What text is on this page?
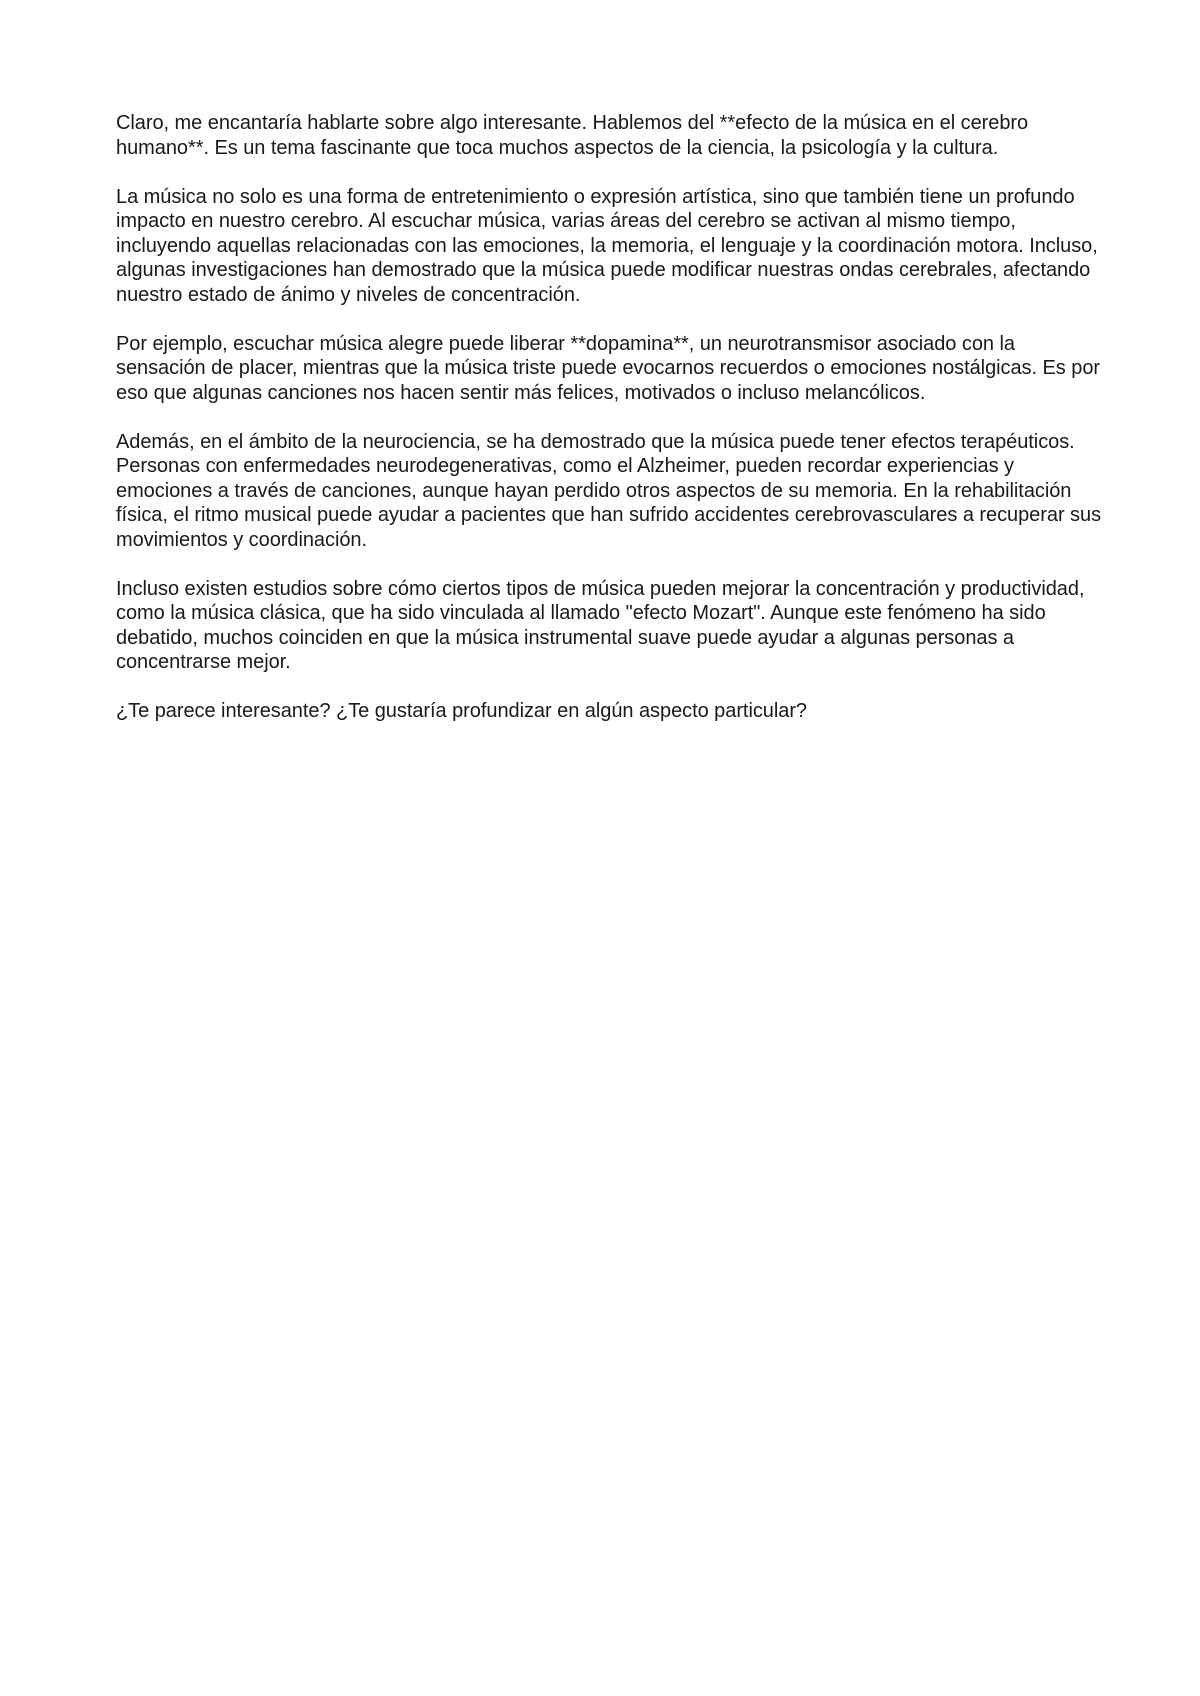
Claro, me encantaría hablarte sobre algo interesante. Hablemos del **efecto de la música en el cerebro humano**. Es un tema fascinante que toca muchos aspectos de la ciencia, la psicología y la cultura.

La música no solo es una forma de entretenimiento o expresión artística, sino que también tiene un profundo impacto en nuestro cerebro. Al escuchar música, varias áreas del cerebro se activan al mismo tiempo, incluyendo aquellas relacionadas con las emociones, la memoria, el lenguaje y la coordinación motora. Incluso, algunas investigaciones han demostrado que la música puede modificar nuestras ondas cerebrales, afectando nuestro estado de ánimo y niveles de concentración.

Por ejemplo, escuchar música alegre puede liberar **dopamina**, un neurotransmisor asociado con la sensación de placer, mientras que la música triste puede evocarnos recuerdos o emociones nostálgicas. Es por eso que algunas canciones nos hacen sentir más felices, motivados o incluso melancólicos.

Además, en el ámbito de la neurociencia, se ha demostrado que la música puede tener efectos terapéuticos. Personas con enfermedades neurodegenerativas, como el Alzheimer, pueden recordar experiencias y emociones a través de canciones, aunque hayan perdido otros aspectos de su memoria. En la rehabilitación física, el ritmo musical puede ayudar a pacientes que han sufrido accidentes cerebrovasculares a recuperar sus movimientos y coordinación.

Incluso existen estudios sobre cómo ciertos tipos de música pueden mejorar la concentración y productividad, como la música clásica, que ha sido vinculada al llamado "efecto Mozart". Aunque este fenómeno ha sido debatido, muchos coinciden en que la música instrumental suave puede ayudar a algunas personas a concentrarse mejor.

¿Te parece interesante? ¿Te gustaría profundizar en algún aspecto particular?
